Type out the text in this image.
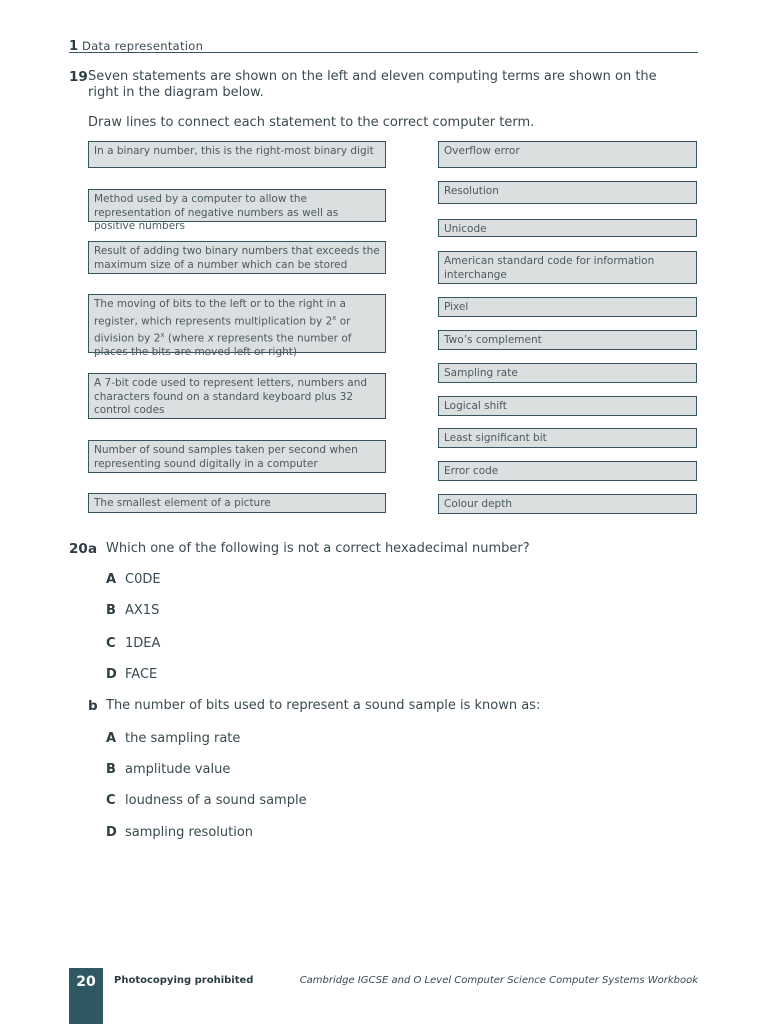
1 Data representation
19 Seven statements are shown on the left and eleven computing terms are shown on the right in the diagram below.
Draw lines to connect each statement to the correct computer term.
In a binary number, this is the right-most binary digit
Method used by a computer to allow the representation of negative numbers as well as positive numbers
Result of adding two binary numbers that exceeds the maximum size of a number which can be stored
The moving of bits to the left or to the right in a register, which represents multiplication by 2$^x$ or division by 2$^x$ (where x represents the number of places the bits are moved left or right)
A 7-bit code used to represent letters, numbers and characters found on a standard keyboard plus 32 control codes
Number of sound samples taken per second when representing sound digitally in a computer
The smallest element of a picture
Overflow error
Resolution
Unicode
American standard code for information interchange
Pixel
Two’s complement
Sampling rate
Logical shift
Least significant bit
Error code
Colour depth
20 a Which one of the following is not a correct hexadecimal number?
A C0DE
B AX1S
C 1DEA
D FACE
b The number of bits used to represent a sound sample is known as:
A the sampling rate
B amplitude value
C loudness of a sound sample
D sampling resolution
20	Photocopying prohibited	Cambridge IGCSE and O Level Computer Science Computer Systems Workbook
